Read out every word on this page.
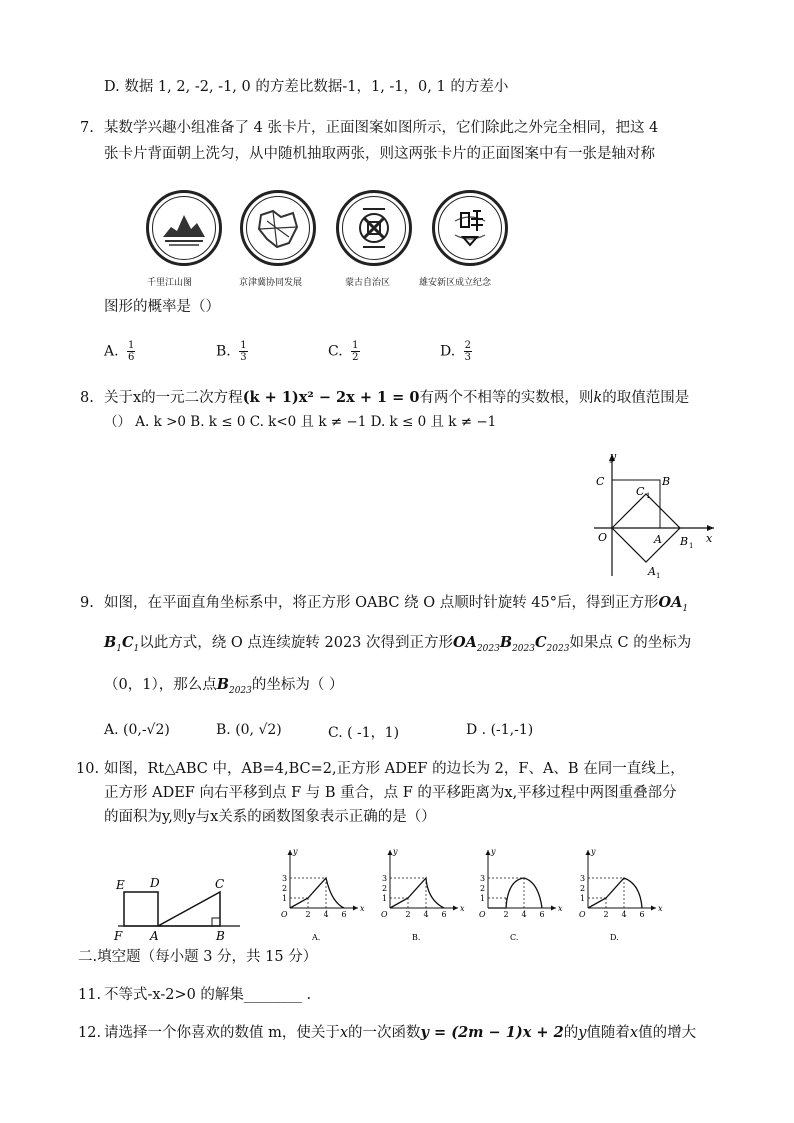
D. 数据 1, 2, -2, -1, 0 的方差比数据-1，1, -1，0, 1 的方差小
7. 某数学兴趣小组准备了 4 张卡片，正面图案如图所示，它们除此之外完全相同，把这 4
张卡片背面朝上洗匀，从中随机抽取两张，则这两张卡片的正面图案中有一张是轴对称
千里江山图	京津冀协同发展	蒙古自治区	雄安新区成立纪念
图形的概率是（）
A. $\frac{1}{6}$	B. $\frac{1}{3}$	C. $\frac{1}{2}$	D. $\frac{2}{3}$
8. 关于x的一元二次方程(k + 1)x² − 2x + 1 = 0有两个不相等的实数根，则k的取值范围是
（） A. k >0 B. k ≤ 0 C. k<0 且 k ≠ −1 D. k ≤ 0 且 k ≠ −1
y
x
C	B
C 1
O	A B 1
A 1
9. 如图，在平面直角坐标系中，将正方形 OABC 绕 O 点顺时针旋转 45°后，得到正方形$OA_1$
$B_1C_1$以此方式，绕 O 点连续旋转 2023 次得到正方形$OA_{2023}B_{2023}C_{2023}$如果点 C 的坐标为
（0，1），那么点$B_{2023}$的坐标为（ ）
A. (0,-√2)	B. (0, √2)	C. ( -1，1)	D . (-1,-1)
10. 如图，Rt△ABC 中，AB=4,BC=2,正方形 ADEF 的边长为 2，F、A、B 在同一直线上，
正方形 ADEF 向右平移到点 F 与 B 重合，点 F 的平移距离为x,平移过程中两图重叠部分
的面积为y,则y与x关系的函数图象表示正确的是（）
E D	C
F A	B
y
x
O 2 4 6
1
2
3
A.
y
x
O 2 4 6
1
2
3
B.
y
x
O 2 4 6
1
2
3
C.
y
x
O 2 4 6
1
2
3
D.
二.填空题（每小题 3 分，共 15 分）
11. 不等式-x-2>0 的解集________ .
12. 请选择一个你喜欢的数值 m，使关于x的一次函数y = (2m − 1)x + 2的y值随着x值的增大
